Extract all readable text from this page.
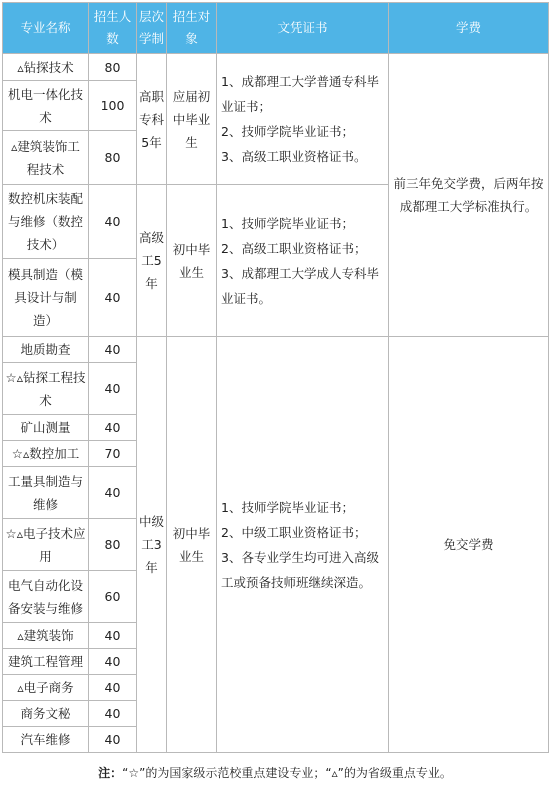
专业名称	招生人数	层次学制	招生对象	文凭证书	学费
▵钻探技术	80	高职专科5年	应届初中毕业生	1、成都理工大学普通专科毕业证书；
2、技师学院毕业证书；
3、高级工职业资格证书。	前三年免交学费，后两年按成都理工大学标准执行。
机电一体化技术	100				
▵建筑装饰工程技术	80				
数控机床装配与维修（数控技术）	40	高级工5年	初中毕业生	1、技师学院毕业证书；
2、高级工职业资格证书；
3、成都理工大学成人专科毕业证书。	
模具制造（模具设计与制造）	40				
地质勘查	40	中级工3年	初中毕业生	1、技师学院毕业证书；
2、中级工职业资格证书；
3、各专业学生均可进入高级工或预备技师班继续深造。	免交学费
☆▵钻探工程技术	40				
矿山测量	40				
☆▵数控加工	70				
工量具制造与维修	40				
☆▵电子技术应用	80				
电气自动化设备安装与维修	60				
▵建筑装饰	40				
建筑工程管理	40				
▵电子商务	40				
商务文秘	40				
汽车维修	40				
注：“☆”的为国家级示范校重点建设专业；“▵”的为省级重点专业。
